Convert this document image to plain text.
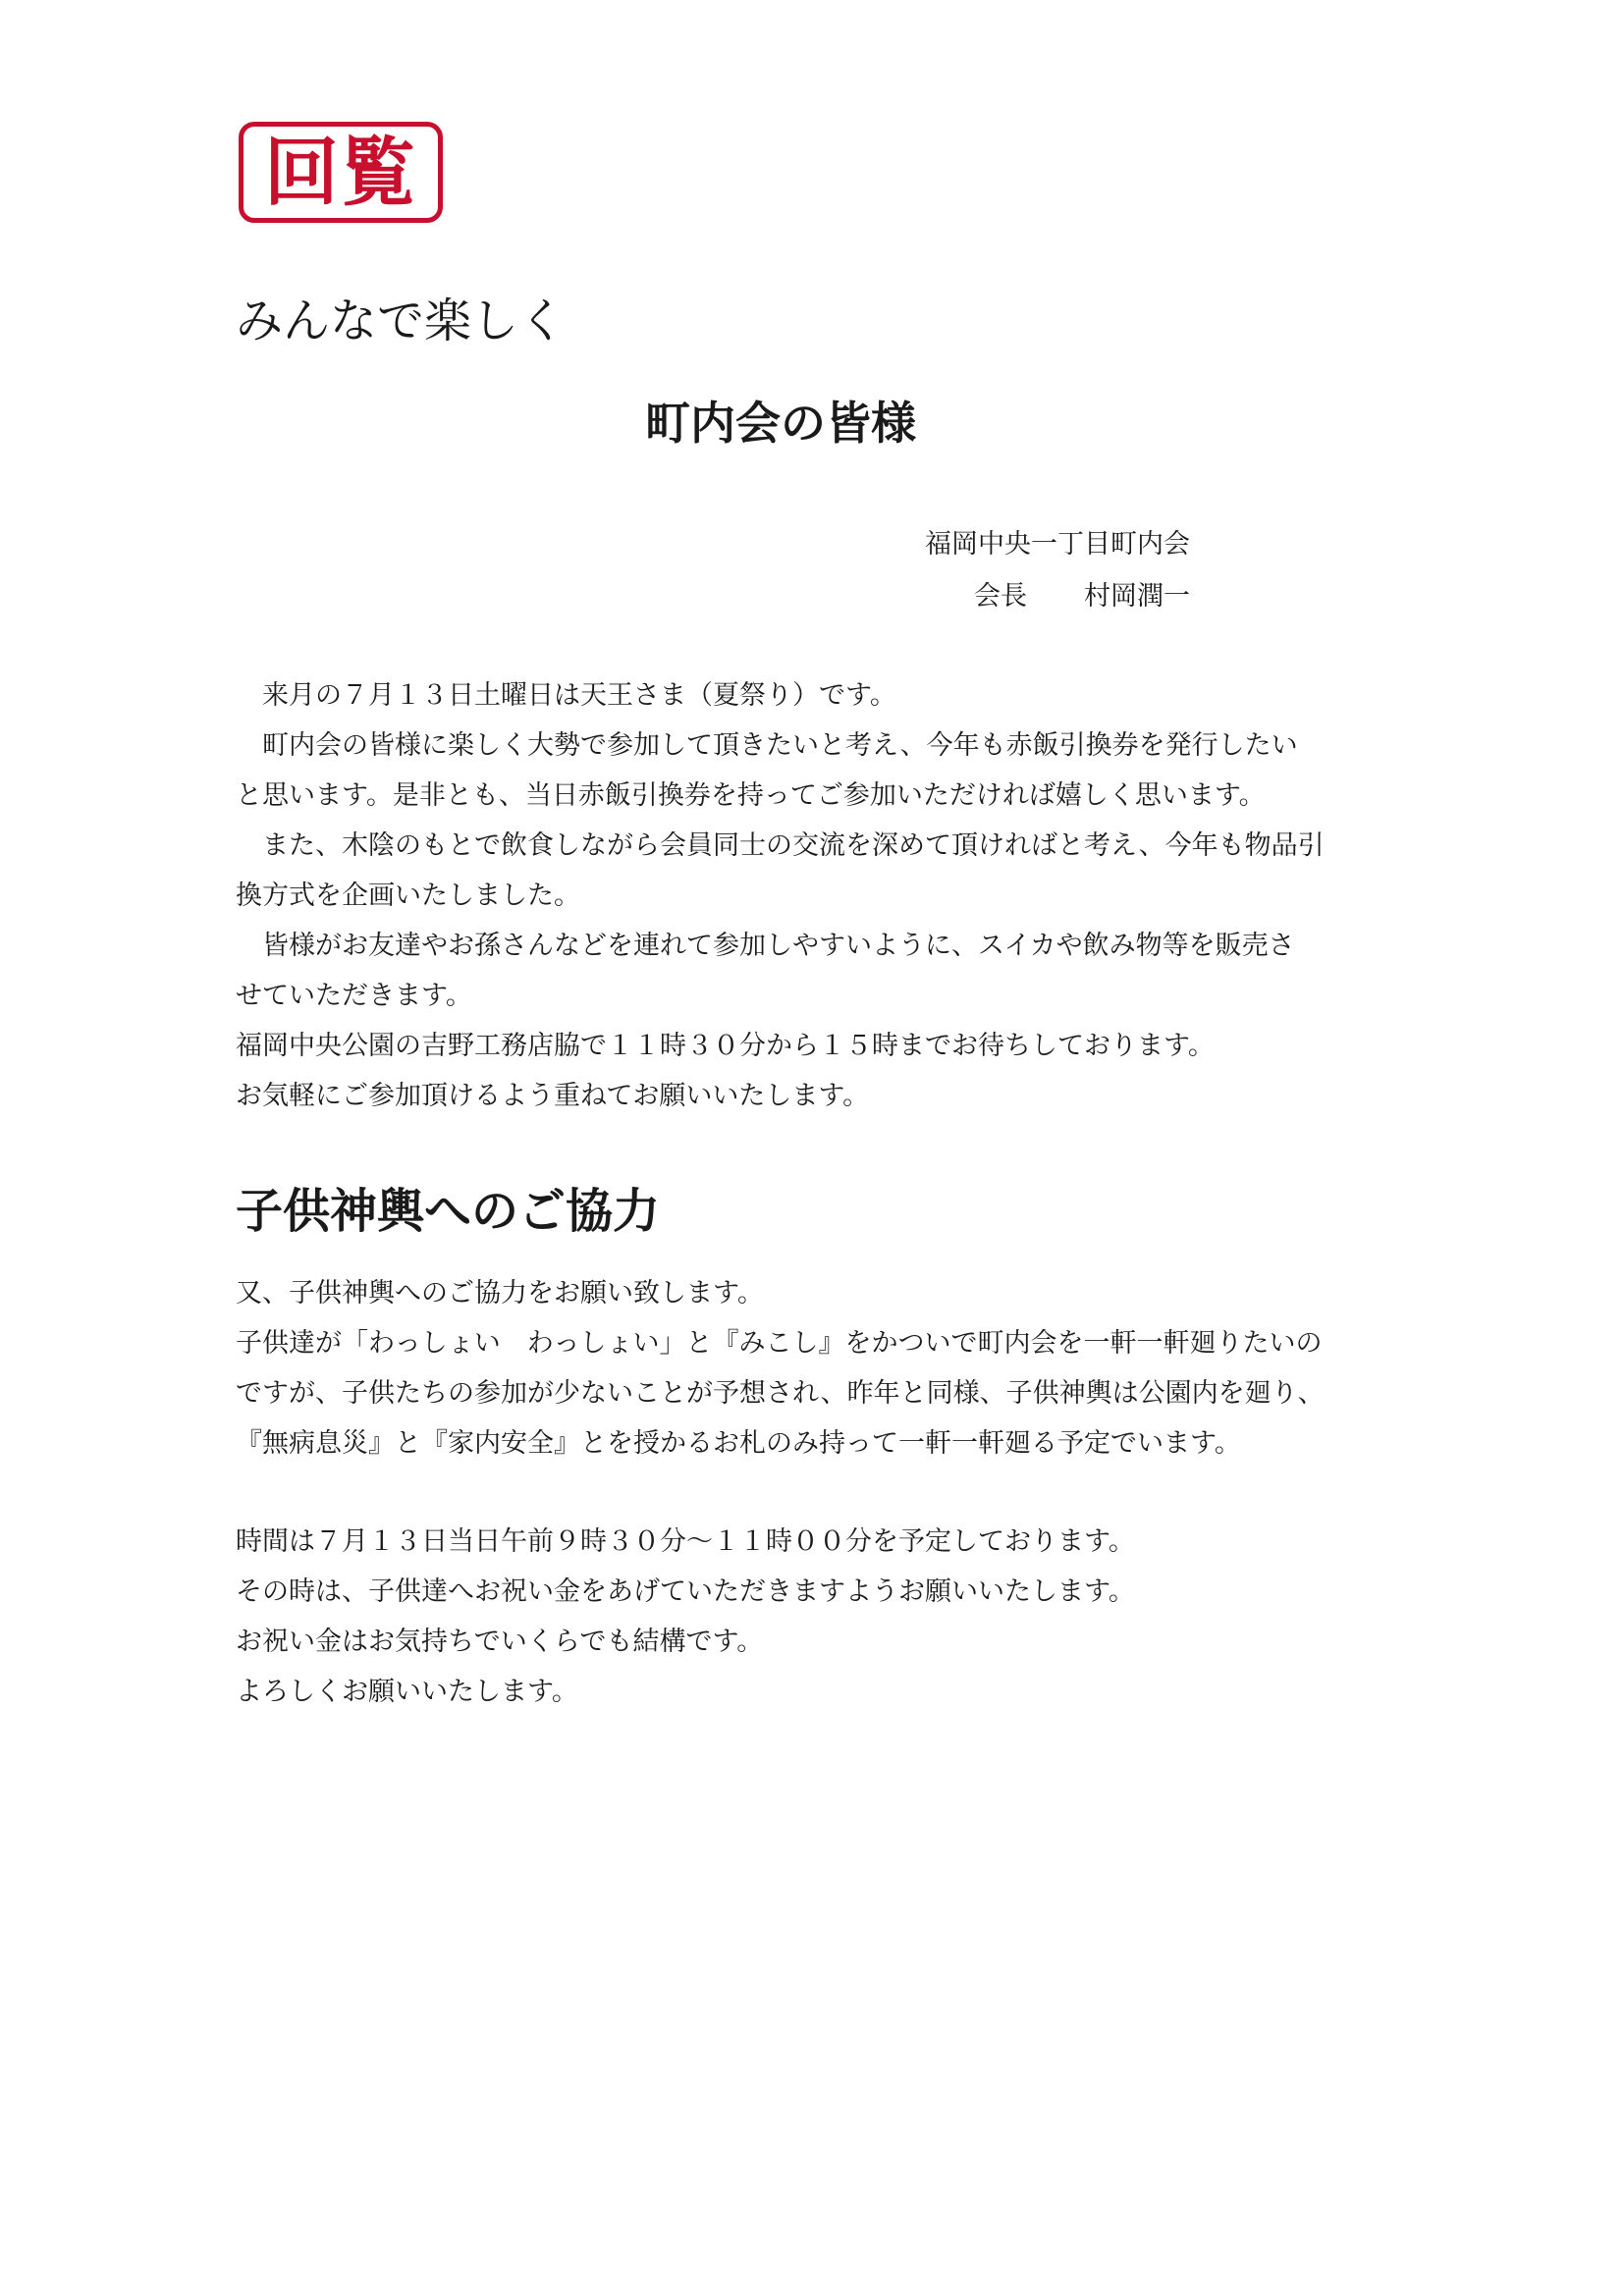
回覧
みんなで楽しく
町内会の皆様
福岡中央一丁目町内会
会長 村岡潤一

　来月の７月１３日土曜日は天王さま（夏祭り）です。

　町内会の皆様に楽しく大勢で参加して頂きたいと考え、今年も赤飯引換券を発行したい

と思います。是非とも、当日赤飯引換券を持ってご参加いただければ嬉しく思います。

　また、木陰のもとで飲食しながら会員同士の交流を深めて頂ければと考え、今年も物品引

換方式を企画いたしました。

　皆様がお友達やお孫さんなどを連れて参加しやすいように、スイカや飲み物等を販売さ

せていただきます。

福岡中央公園の吉野工務店脇で１１時３０分から１５時までお待ちしております。

お気軽にご参加頂けるよう重ねてお願いいたします。

子供神輿へのご協力

又、子供神輿へのご協力をお願い致します。

子供達が「わっしょい　わっしょい」と『みこし』をかついで町内会を一軒一軒廻りたいの

ですが、子供たちの参加が少ないことが予想され、昨年と同様、子供神輿は公園内を廻り、

『無病息災』と『家内安全』とを授かるお札のみ持って一軒一軒廻る予定でいます。

時間は７月１３日当日午前９時３０分～１１時００分を予定しております。

その時は、子供達へお祝い金をあげていただきますようお願いいたします。

お祝い金はお気持ちでいくらでも結構です。

よろしくお願いいたします。
